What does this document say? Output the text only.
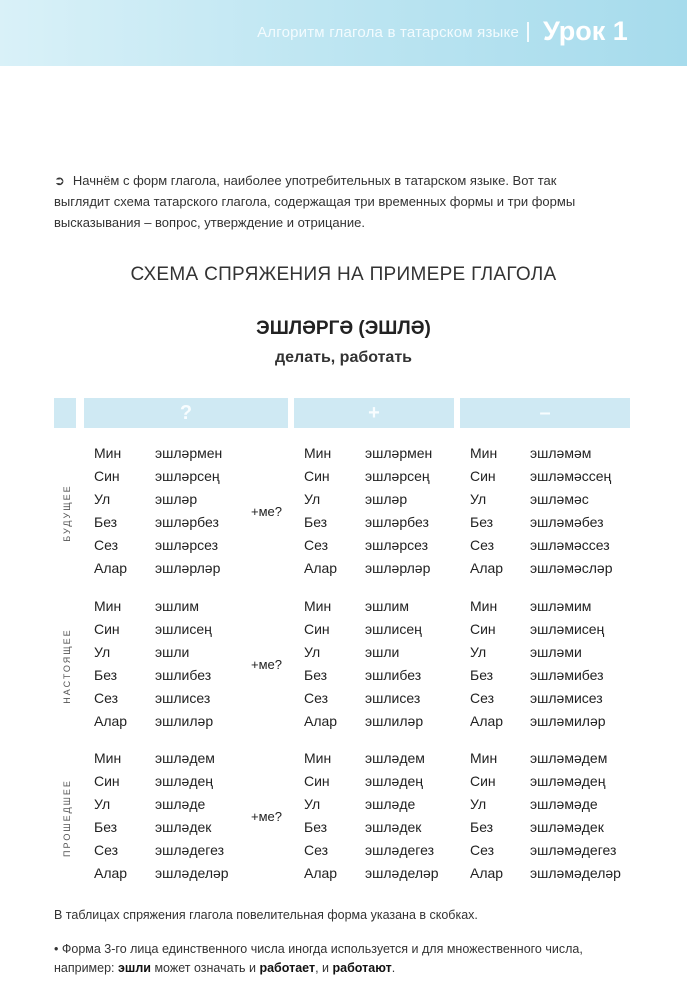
Алгоритм глагола в татарском языке Урок 1
➲ Начнём с форм глагола, наиболее употребительных в татарском языке. Вот так выглядит схема татарского глагола, содержащая три временных формы и три формы высказывания – вопрос, утверждение и отрицание.
СХЕМА СПРЯЖЕНИЯ НА ПРИМЕРЕ ГЛАГОЛА
ЭШЛӘРГӘ (ЭШЛӘ)
делать, работать
?	+	–
БУДУЩЕЕ	+ме?
Мин эшләрмен	Мин эшләрмен	Мин эшләмәм
Син	эшләрсең	Син	эшләрсең	Син эшләмәссең
Ул	эшләр	Ул	эшләр	Ул	эшләмәс
Без	эшләрбез	Без	эшләрбез	Без	эшләмәбез
Сез	эшләрсез	Сез	эшләрсез	Сез	эшләмәссез
Алар эшләрләр	Алар эшләрләр	Алар эшләмәсләр
НАСТОЯЩЕЕ	+ме?
Мин эшлим	Мин эшлим	Мин эшләмим
Син	эшлисең	Син	эшлисең	Син эшләмисең
Ул	эшли	Ул	эшли	Ул	эшләми
Без	эшлибез	Без	эшлибез	Без	эшләмибез
Сез	эшлисез	Сез	эшлисез	Сез	эшләмисез
Алар эшлиләр	Алар эшлиләр	Алар эшләмиләр
ПРОШЕДШЕЕ	+ме?
Мин эшләдем	Мин эшләдем	Мин эшләмәдем
Син	эшләдең	Син	эшләдең	Син эшләмәдең
Ул	эшләде	Ул	эшләде	Ул	эшләмәде
Без	эшләдек	Без	эшләдек	Без	эшләмәдек
Сез	эшләдегез	Сез	эшләдегез	Сез	эшләмәдегез
Алар эшләделәр	Алар эшләделәр Алар эшләмәделәр
В таблицах спряжения глагола повелительная форма указана в скобках.
• Форма 3-го лица единственного числа иногда используется и для множественного числа, например: эшли может означать и работает, и работают.
